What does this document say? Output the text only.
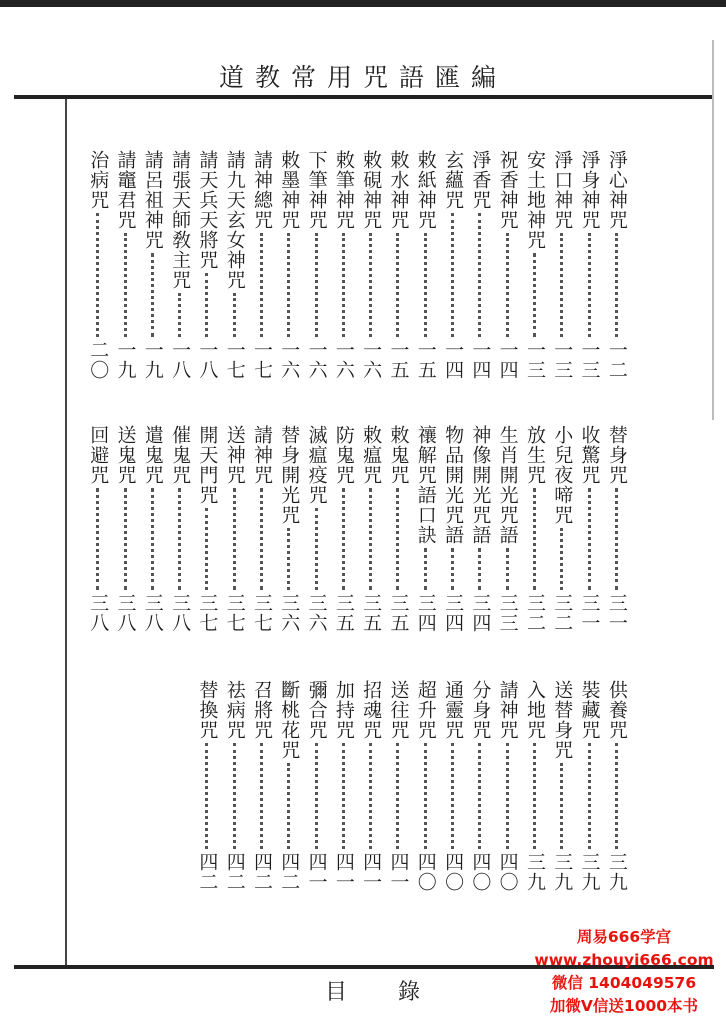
道教常用咒語匯編
淨心神咒
一二
淨身神咒
一三
淨口神咒
一三
安土地神咒
一三
祝香神咒
一四
淨香咒
一四
玄蘊咒
一四
敕紙神咒
一五
敕水神咒
一五
敕硯神咒
一六
敕筆神咒
一六
下筆神咒
一六
敕墨神咒
一六
請神總咒
一七
請九天玄女神咒
一七
請天兵天將咒
一八
請張天師敎主咒
一八
請呂祖神咒
一九
請竈君咒
一九
治病咒
二〇
替身咒
三一
收驚咒
三一
小兒夜啼咒
三二
放生咒
三二
生肖開光咒語
三三
神像開光咒語
三四
物品開光咒語
三四
禳解咒語口訣
三四
敕鬼咒
三五
敕瘟咒
三五
防鬼咒
三五
滅瘟疫咒
三六
替身開光咒
三六
請神咒
三七
送神咒
三七
開天門咒
三七
催鬼咒
三八
遣鬼咒
三八
送鬼咒
三八
回避咒
三八
供養咒
三九
裝藏咒
三九
送替身咒
三九
入地咒
三九
請神咒
四〇
分身咒
四〇
通靈咒
四〇
超升咒
四〇
送往咒
四一
招魂咒
四一
加持咒
四一
彌合咒
四一
斷桃花咒
四二
召將咒
四二
祛病咒
四二
替換咒
四二
目 錄
周易666学宫
www.zhouyi666.com
微信 1404049576
加微V信送1000本书
